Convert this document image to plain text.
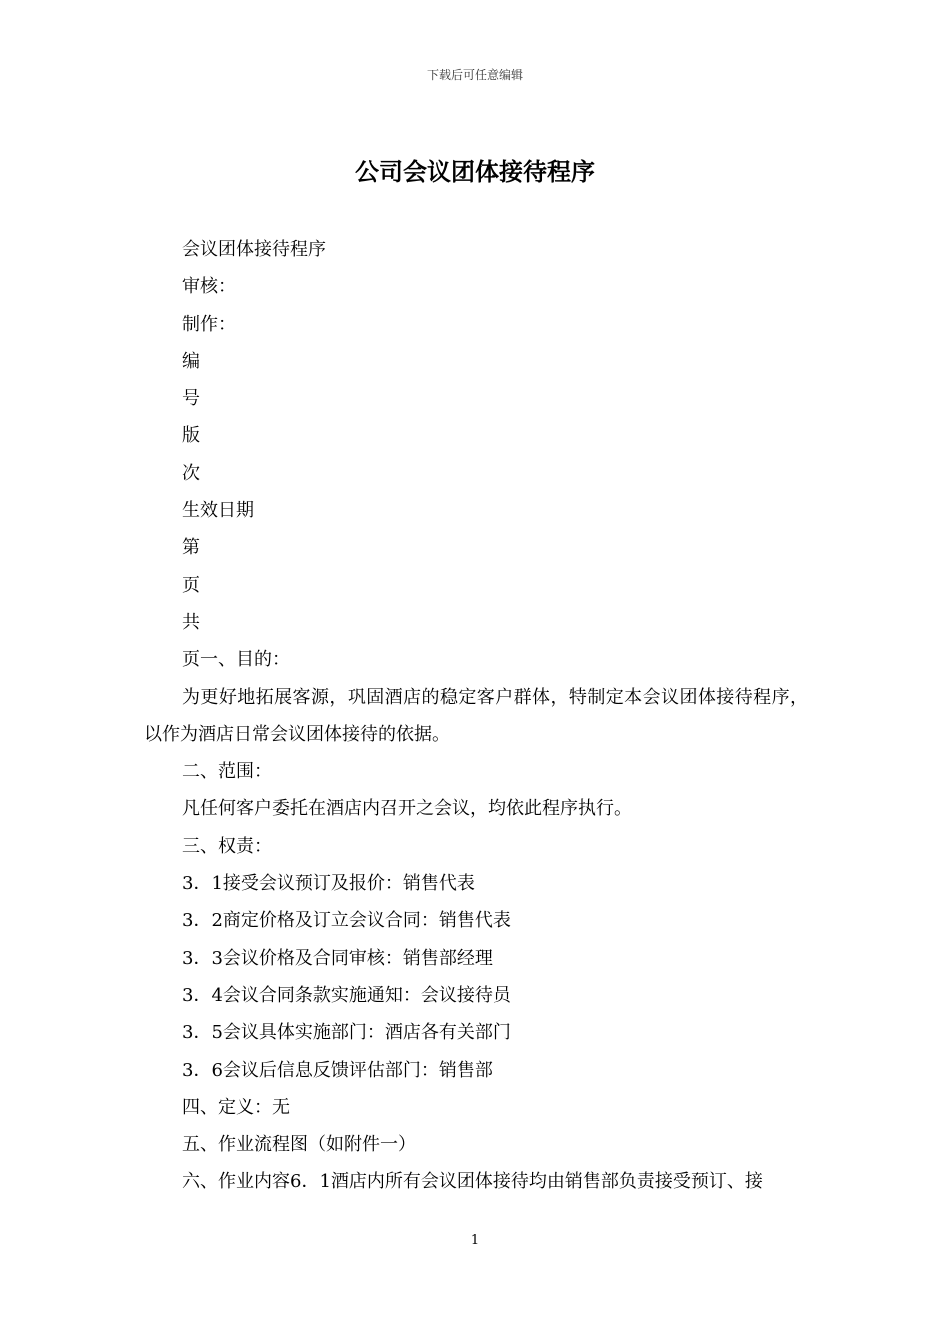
下载后可任意编辑
公司会议团体接待程序
会议团体接待程序
审核：
制作：
编
号
版
次
生效日期
第
页
共
页一、目的：
为更好地拓展客源，巩固酒店的稳定客户群体，特制定本会议团体接待程序，以作为酒店日常会议团体接待的依据。
二、范围：
凡任何客户委托在酒店内召开之会议，均依此程序执行。
三、权责：
3．1接受会议预订及报价：销售代表
3．2商定价格及订立会议合同：销售代表
3．3会议价格及合同审核：销售部经理
3．4会议合同条款实施通知：会议接待员
3．5会议具体实施部门：酒店各有关部门
3．6会议后信息反馈评估部门：销售部
四、定义：无
五、作业流程图（如附件一）
六、作业内容6．1酒店内所有会议团体接待均由销售部负责接受预订、接
1
